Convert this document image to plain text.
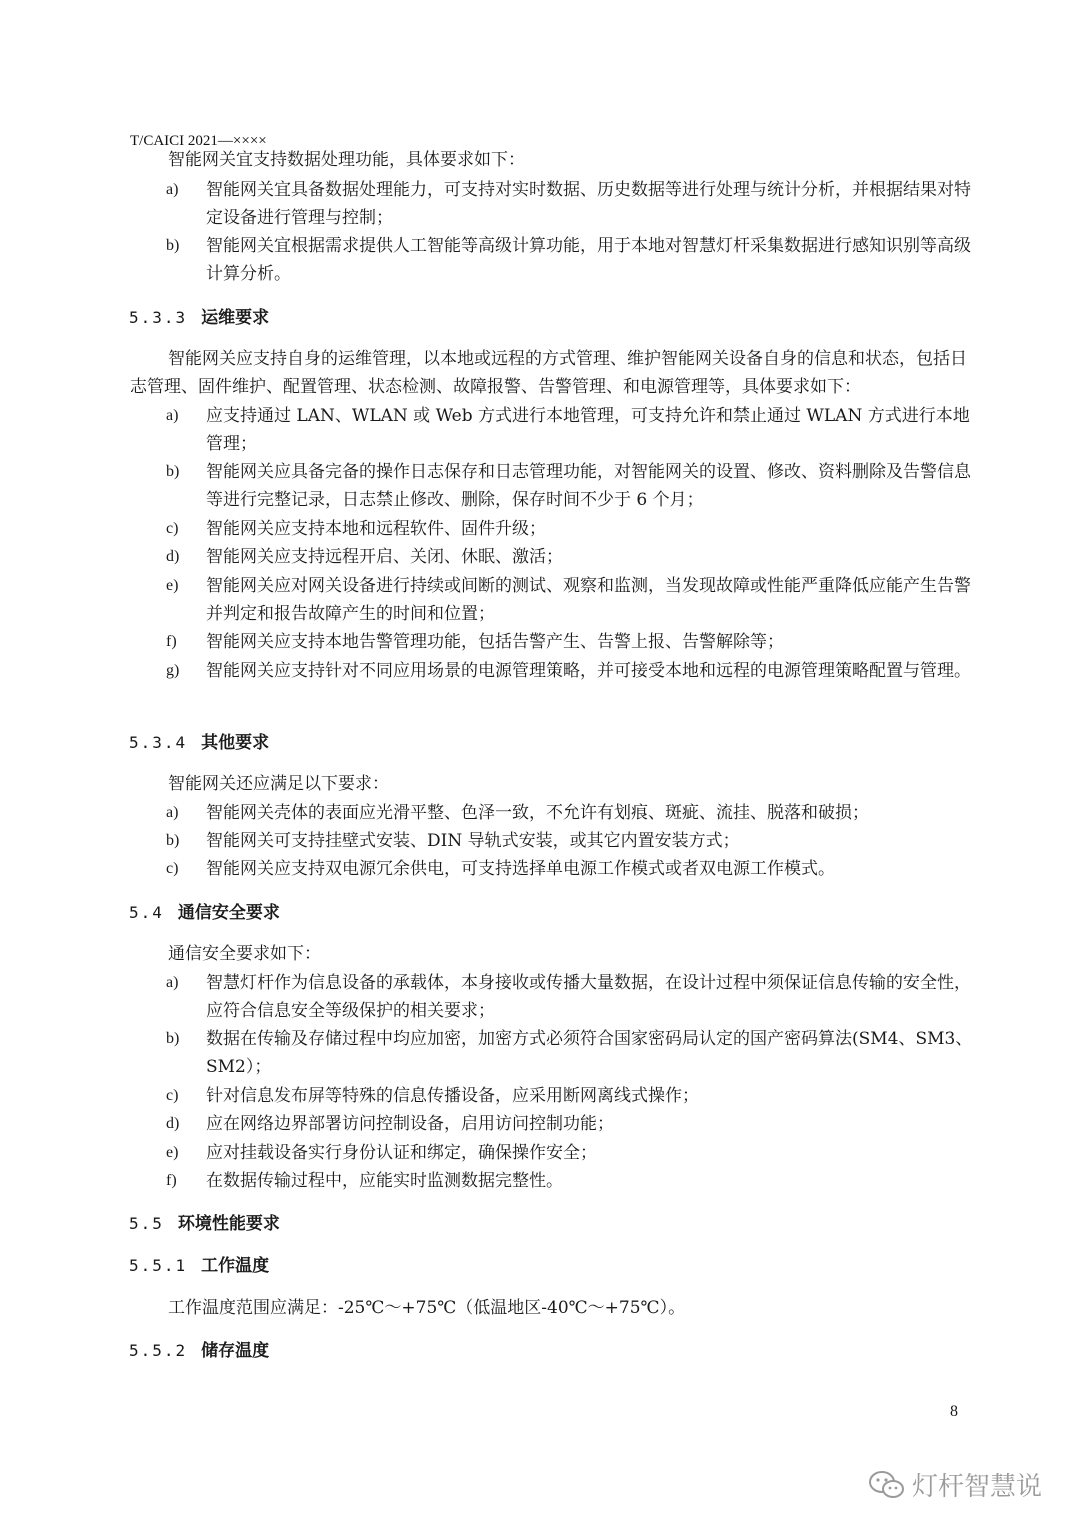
T/CAICI 2021—××××

智能网关宜支持数据处理功能，具体要求如下：

a)	智能网关宜具备数据处理能力，可支持对实时数据、历史数据等进行处理与统计分析，并根据结果对特定设备进行管理与控制；
b)	智能网关宜根据需求提供人工智能等高级计算功能，用于本地对智慧灯杆采集数据进行感知识别等高级计算分析。
5.3.3 运维要求

智能网关应支持自身的运维管理，以本地或远程的方式管理、维护智能网关设备自身的信息和状态，包括日志管理、固件维护、配置管理、状态检测、故障报警、告警管理、和电源管理等，具体要求如下：

a)	应支持通过 LAN、WLAN 或 Web 方式进行本地管理，可支持允许和禁止通过 WLAN 方式进行本地管理；
b)	智能网关应具备完备的操作日志保存和日志管理功能，对智能网关的设置、修改、资料删除及告警信息等进行完整记录，日志禁止修改、删除，保存时间不少于 6 个月；
c)	智能网关应支持本地和远程软件、固件升级；
d)	智能网关应支持远程开启、关闭、休眠、激活；
e)	智能网关应对网关设备进行持续或间断的测试、观察和监测，当发现故障或性能严重降低应能产生告警并判定和报告故障产生的时间和位置；
f)	智能网关应支持本地告警管理功能，包括告警产生、告警上报、告警解除等；
g)	智能网关应支持针对不同应用场景的电源管理策略，并可接受本地和远程的电源管理策略配置与管理。
5.3.4 其他要求

智能网关还应满足以下要求：

a)	智能网关壳体的表面应光滑平整、色泽一致，不允许有划痕、斑疵、流挂、脱落和破损；
b)	智能网关可支持挂壁式安装、DIN 导轨式安装，或其它内置安装方式；
c)	智能网关应支持双电源冗余供电，可支持选择单电源工作模式或者双电源工作模式。
5.4 通信安全要求

通信安全要求如下：

a)	智慧灯杆作为信息设备的承载体，本身接收或传播大量数据，在设计过程中须保证信息传输的安全性，应符合信息安全等级保护的相关要求；
b)	数据在传输及存储过程中均应加密，加密方式必须符合国家密码局认定的国产密码算法(SM4、SM3、SM2）；
c)	针对信息发布屏等特殊的信息传播设备，应采用断网离线式操作；
d)	应在网络边界部署访问控制设备，启用访问控制功能；
e)	应对挂载设备实行身份认证和绑定，确保操作安全；
f)	在数据传输过程中，应能实时监测数据完整性。
5.5 环境性能要求
5.5.1 工作温度

工作温度范围应满足：-25℃～+75℃（低温地区-40℃～+75℃）。

5.5.2 储存温度
8
灯杆智慧说
